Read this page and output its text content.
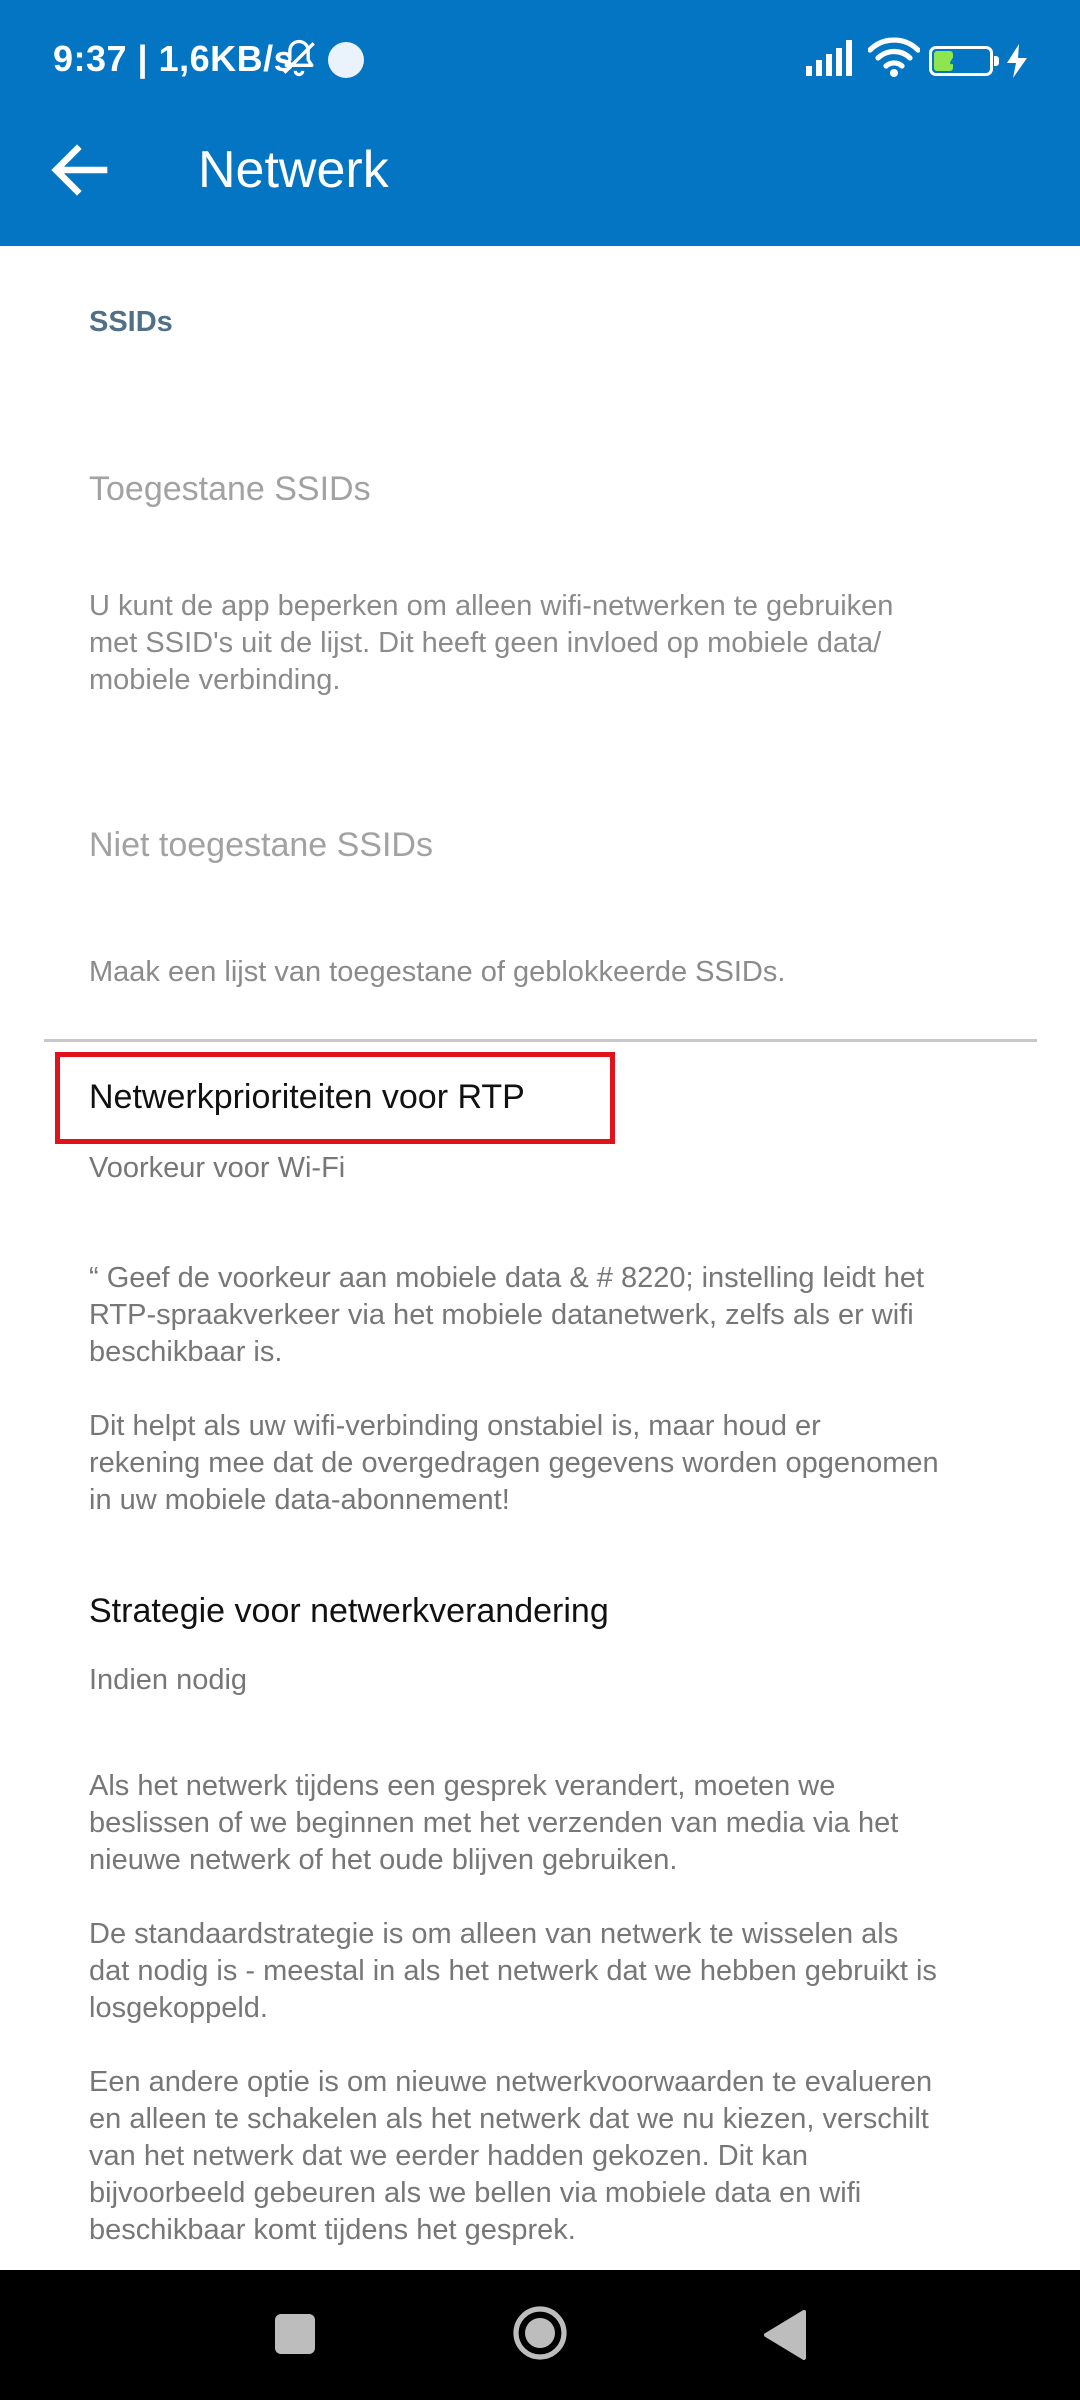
9:37 | 1,6KB/s	40
Netwerk
SSIDs
Toegestane SSIDs
U kunt de app beperken om alleen wifi-netwerken te gebruiken
met SSID's uit de lijst. Dit heeft geen invloed op mobiele data/
mobiele verbinding.
Niet toegestane SSIDs
Maak een lijst van toegestane of geblokkeerde SSIDs.
Netwerkprioriteiten voor RTP
Voorkeur voor Wi-Fi
“ Geef de voorkeur aan mobiele data & # 8220; instelling leidt het
RTP-spraakverkeer via het mobiele datanetwerk, zelfs als er wifi
beschikbaar is.

Dit helpt als uw wifi-verbinding onstabiel is, maar houd er
rekening mee dat de overgedragen gegevens worden opgenomen
in uw mobiele data-abonnement!
Strategie voor netwerkverandering
Indien nodig
Als het netwerk tijdens een gesprek verandert, moeten we
beslissen of we beginnen met het verzenden van media via het
nieuwe netwerk of het oude blijven gebruiken.

De standaardstrategie is om alleen van netwerk te wisselen als
dat nodig is - meestal in als het netwerk dat we hebben gebruikt is
losgekoppeld.

Een andere optie is om nieuwe netwerkvoorwaarden te evalueren
en alleen te schakelen als het netwerk dat we nu kiezen, verschilt
van het netwerk dat we eerder hadden gekozen. Dit kan
bijvoorbeeld gebeuren als we bellen via mobiele data en wifi
beschikbaar komt tijdens het gesprek.
